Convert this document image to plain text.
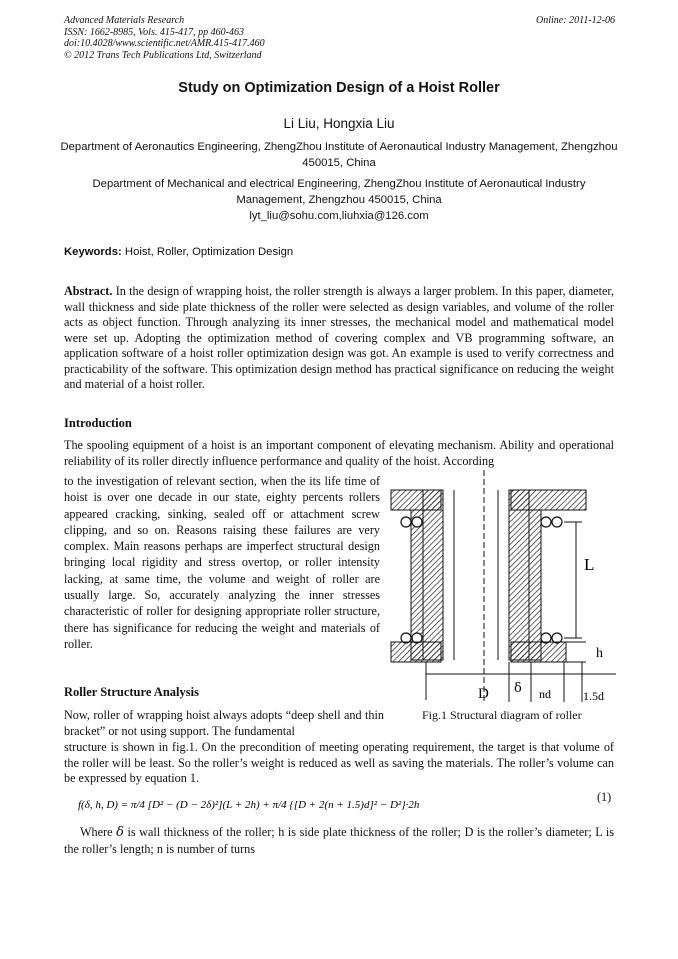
Advanced Materials Research
ISSN: 1662-8985, Vols. 415-417, pp 460-463
doi:10.4028/www.scientific.net/AMR.415-417.460
© 2012 Trans Tech Publications Ltd, Switzerland
Online: 2011-12-06
Study on Optimization Design of a Hoist Roller
Li Liu, Hongxia Liu
Department of Aeronautics Engineering, ZhengZhou Institute of Aeronautical Industry Management, Zhengzhou 450015, China
Department of Mechanical and electrical Engineering, ZhengZhou Institute of Aeronautical Industry Management, Zhengzhou 450015, China
lyt_liu@sohu.com,liuhxia@126.com
Keywords: Hoist, Roller, Optimization Design
Abstract. In the design of wrapping hoist, the roller strength is always a larger problem. In this paper, diameter, wall thickness and side plate thickness of the roller were selected as design variables, and volume of the roller acts as object function. Through analyzing its inner stresses, the mechanical model and mathematical model were set up. Adopting the optimization method of covering complex and VB programming software, an application software of a hoist roller optimization design was got. An example is used to verify correctness and practicability of the software. This optimization design method has practical significance on reducing the weight and material of a hoist roller.
Introduction
The spooling equipment of a hoist is an important component of elevating mechanism. Ability and operational reliability of its roller directly influence performance and quality of the hoist. According
to the investigation of relevant section, when the its life time of hoist is over one decade in our state, eighty percents rollers appeared cracking, sinking, sealed off or attachment screw clipping, and so on. Reasons raising these failures are very complex. Main reasons perhaps are imperfect structural design bringing local rigidity and stress overtop, or roller intensity lacking, at same time, the volume and weight of roller are usually large. So, accurately analyzing the inner stresses characteristic of roller for designing appropriate roller structure, there has significance for reducing the weight and materials of roller.
L
h
D δ nd	1.5d
Roller Structure Analysis
Now, roller of wrapping hoist always adopts “deep shell and thin bracket” or not using support. The fundamental
Fig.1 Structural diagram of roller
structure is shown in fig.1. On the precondition of meeting operating requirement, the target is that volume of the roller will be least. So the roller’s weight is reduced as well as saving the materials. The roller’s volume can be expressed by equation 1.
f(δ, h, D) = π/4 [D² − (D − 2δ)²](L + 2h) + π/4 {[D + 2(n + 1.5)d]² − D²}·2h
(1)
Where δ is wall thickness of the roller; h is side plate thickness of the roller; D is the roller’s diameter; L is the roller’s length; n is number of turns
